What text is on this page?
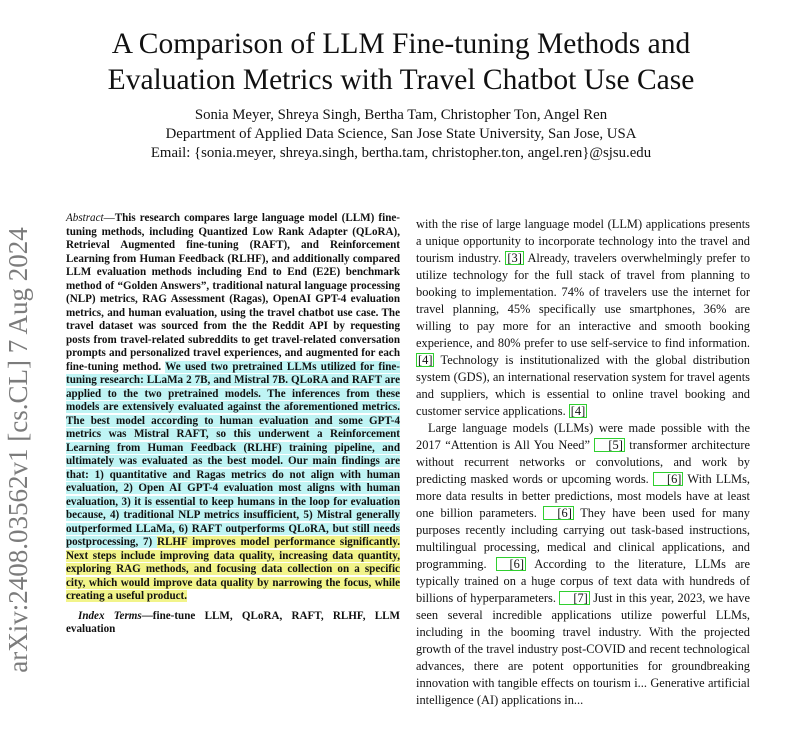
A Comparison of LLM Fine-tuning Methods and
Evaluation Metrics with Travel Chatbot Use Case
Sonia Meyer, Shreya Singh, Bertha Tam, Christopher Ton, Angel Ren
Department of Applied Data Science, San Jose State University, San Jose, USA
Email: {sonia.meyer, shreya.singh, bertha.tam, christopher.ton, angel.ren}@sjsu.edu
arXiv:2408.03562v1 [cs.CL] 7 Aug 2024

Abstract—This research compares large language model (LLM) fine-tuning methods, including Quantized Low Rank Adapter (QLoRA), Retrieval Augmented fine-tuning (RAFT), and Reinforcement Learning from Human Feedback (RLHF), and additionally compared LLM evaluation methods including End to End (E2E) benchmark method of “Golden Answers”, traditional natural language processing (NLP) metrics, RAG Assessment (Ragas), OpenAI GPT-4 evaluation metrics, and human evaluation, using the travel chatbot use case. The travel dataset was sourced from the the Reddit API by requesting posts from travel-related subreddits to get travel-related conversation prompts and personalized travel experiences, and augmented for each fine-tuning method. We used two pretrained LLMs utilized for fine-tuning research: LLaMa 2 7B, and Mistral 7B. QLoRA and RAFT are applied to the two pretrained models. The inferences from these models are extensively evaluated against the aforementioned metrics. The best model according to human evaluation and some GPT-4 metrics was Mistral RAFT, so this underwent a Reinforcement Learning from Human Feedback (RLHF) training pipeline, and ultimately was evaluated as the best model. Our main findings are that: 1) quantitative and Ragas metrics do not align with human evaluation, 2) Open AI GPT-4 evaluation most aligns with human evaluation, 3) it is essential to keep humans in the loop for evaluation because, 4) traditional NLP metrics insufficient, 5) Mistral generally outperformed LLaMa, 6) RAFT outperforms QLoRA, but still needs postprocessing, 7) RLHF improves model performance significantly. Next steps include improving data quality, increasing data quantity, exploring RAG methods, and focusing data collection on a specific city, which would improve data quality by narrowing the focus, while creating a useful product.

Index Terms—fine-tune LLM, QLoRA, RAFT, RLHF, LLM evaluation

with the rise of large language model (LLM) applications presents a unique opportunity to incorporate technology into the travel and tourism industry. [3] Already, travelers overwhelmingly prefer to utilize technology for the full stack of travel from planning to booking to implementation. 74% of travelers use the internet for travel planning, 45% specifically use smartphones, 36% are willing to pay more for an interactive and smooth booking experience, and 80% prefer to use self-service to find information. [4] Technology is institutionalized with the global distribution system (GDS), an international reservation system for travel agents and suppliers, which is essential to online travel booking and customer service applications. [4]

Large language models (LLMs) were made possible with the 2017 “Attention is All You Need” [5] transformer architecture without recurrent networks or convolutions, and work by predicting masked words or upcoming words. [6] With LLMs, more data results in better predictions, most models have at least one billion parameters. [6] They have been used for many purposes recently including carrying out task-based instructions, multilingual processing, medical and clinical applications, and programming. [6] According to the literature, LLMs are typically trained on a huge corpus of text data with hundreds of billions of hyperparameters. [7] Just in this year, 2023, we have seen several incredible applications utilize powerful LLMs, including in the booming travel industry. With the projected growth of the travel industry post-COVID and recent technological advances, there are potent opportunities for groundbreaking innovation with tangible effects on tourism i... Generative artificial intelligence (AI) applications in...
